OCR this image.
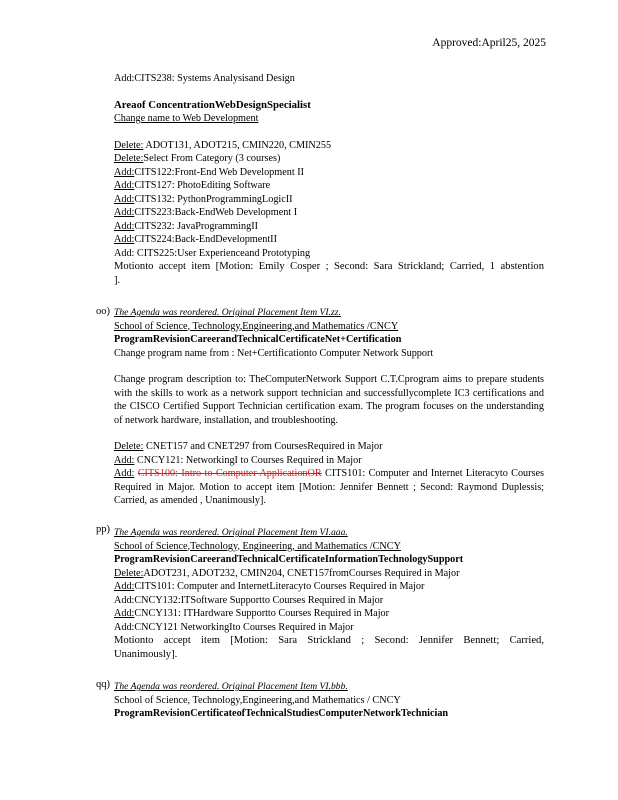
Approved:April25, 2025
Add:CITS238: Systems Analysisand Design
Areaof ConcentrationWebDesignSpecialist
Change name to Web Development
Delete: ADOT131, ADOT215, CMIN220, CMIN255
Delete:Select From Category (3 courses)
Add:CITS122:Front-End Web Development II
Add:CITS127: PhotoEditing Software
Add:CITS132: PythonProgrammingLogicII
Add:CITS223:Back-EndWeb Development I
Add:CITS232: JavaProgrammingII
Add:CITS224:Back-EndDevelopmentII
Add: CITS225:User Experienceand Prototyping
Motionto accept item [Motion: Emily Cosper ; Second: Sara Strickland; Carried, 1 abstention ].
oo) The Agenda was reordered. Original Placement Item VI.zz.
School of Science, Technology,Engineering,and Mathematics /CNCY
ProgramRevisionCareerandTechnicalCertificateNet+Certification
Change program name from : Net+Certificationto Computer Network Support
Change program description to: TheComputerNetwork Support C.T.Cprogram aims to prepare students with the skills to work as a network support technician and successfullycomplete IC3 certifications and the CISCO Certified Support Technician certification exam. The program focuses on the understanding of network hardware, installation, and troubleshooting.
Delete: CNET157 and CNET297 from CoursesRequired in Major
Add: CNCY121: NetworkingI to Courses Required in Major
Add: CITS100: Intro to Computer ApplicationOR CITS101: Computer and Internet Literacyto Courses Required in Major. Motion to accept item [Motion: Jennifer Bennett ; Second: Raymond Duplessis; Carried, as amended , Unanimously].
pp) The Agenda was reordered. Original Placement Item VI.aaa.
School of Science,Technology, Engineering, and Mathematics /CNCY
ProgramRevisionCareerandTechnicalCertificateInformationTechnologySupport
Delete:ADOT231, ADOT232, CMIN204, CNET157fromCourses Required in Major
Add:CITS101: Computer and InternetLiteracyto Courses Required in Major
Add:CNCY132:ITSoftware Supportto Courses Required in Major
Add:CNCY131: ITHardware Supportto Courses Required in Major
Add:CNCY121 NetworkingIto Courses Required in Major
Motionto accept item [Motion: Sara Strickland ; Second: Jennifer Bennett; Carried, Unanimously].
qq) The Agenda was reordered. Original Placement Item VI.bbb.
School of Science, Technology,Engineering,and Mathematics / CNCY
ProgramRevisionCertificateofTechnicalStudiesComputerNetworkTechnician
